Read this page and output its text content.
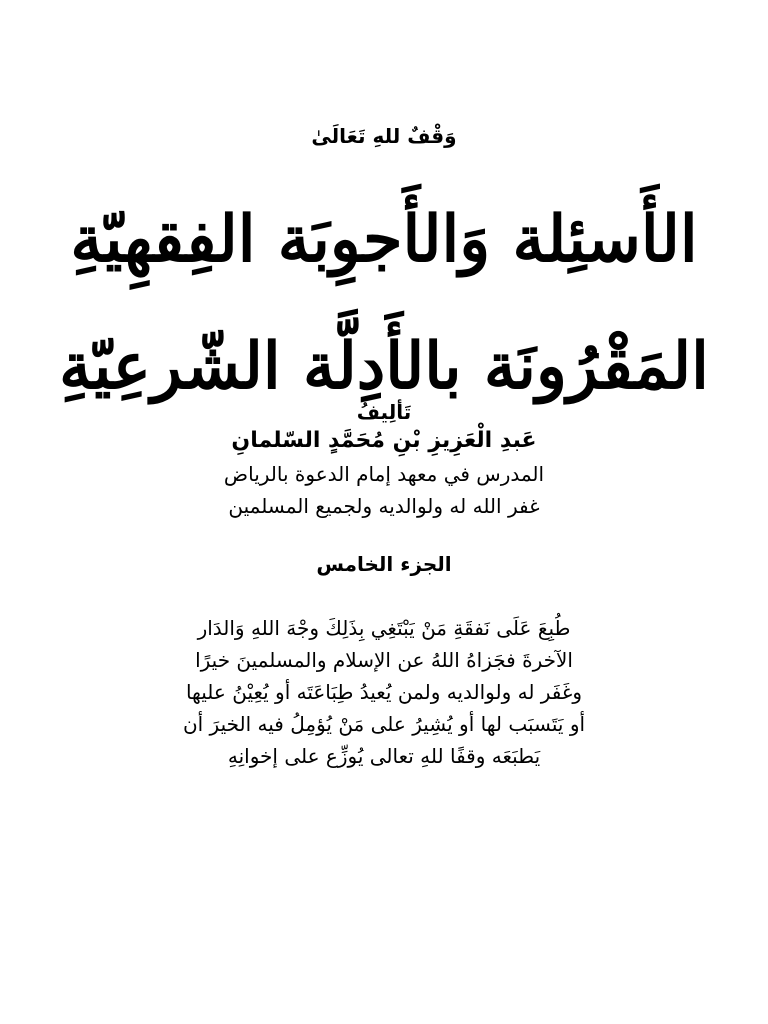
وَقْفٌ للهِ تَعَالَىٰ
الأَسئِلة وَالأَجوِبَة الفِقهِيّةِ
المَقْرُونَة بالأَدِلَّة الشّرعِيّةِ
تَألِيفُ
عَبدِ الْعَزِيزِ بْنِ مُحَمَّدٍ السّلمانِ
المدرس في معهد إمام الدعوة بالرياض
غفر الله له ولوالديه ولجميع المسلمين
الجزء الخامس
طُبِعَ عَلَى نَفقَةِ مَنْ يَبْتَغِي بِذَلِكَ وجْهَ اللهِ وَالدَار
الآخرةَ فجَزاهُ اللهُ عن الإسلام والمسلمينَ خيرًا
وغَفَر له ولوالديه ولمن يُعيدُ طِبَاعَتَه أو يُعِيْنُ عليها
أو يَتَسبَب لها أو يُشِيرُ على مَنْ يُؤمِلُ فيه الخيرَ أن
يَطبَعَه وقفًا للهِ تعالى يُوزِّع على إخوانِهِ
